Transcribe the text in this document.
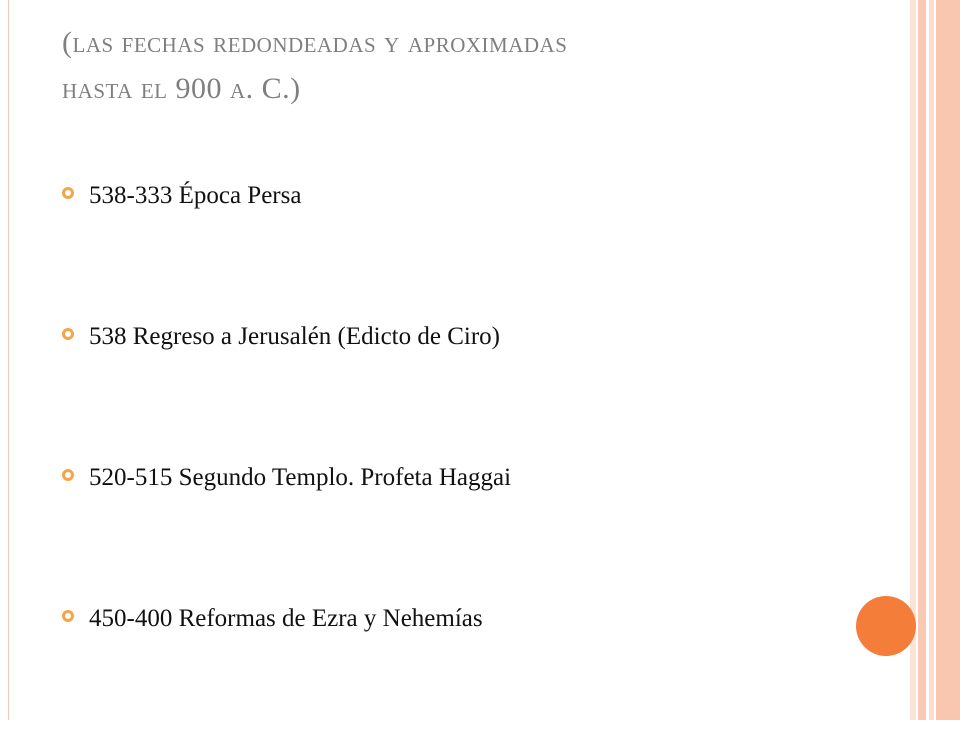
(las fechas redondeadas y aproximadas
hasta el 900 a. C.)
538-333 Época Persa
538 Regreso a Jerusalén (Edicto de Ciro)
520-515 Segundo Templo. Profeta Haggai
450-400 Reformas de Ezra y Nehemías
